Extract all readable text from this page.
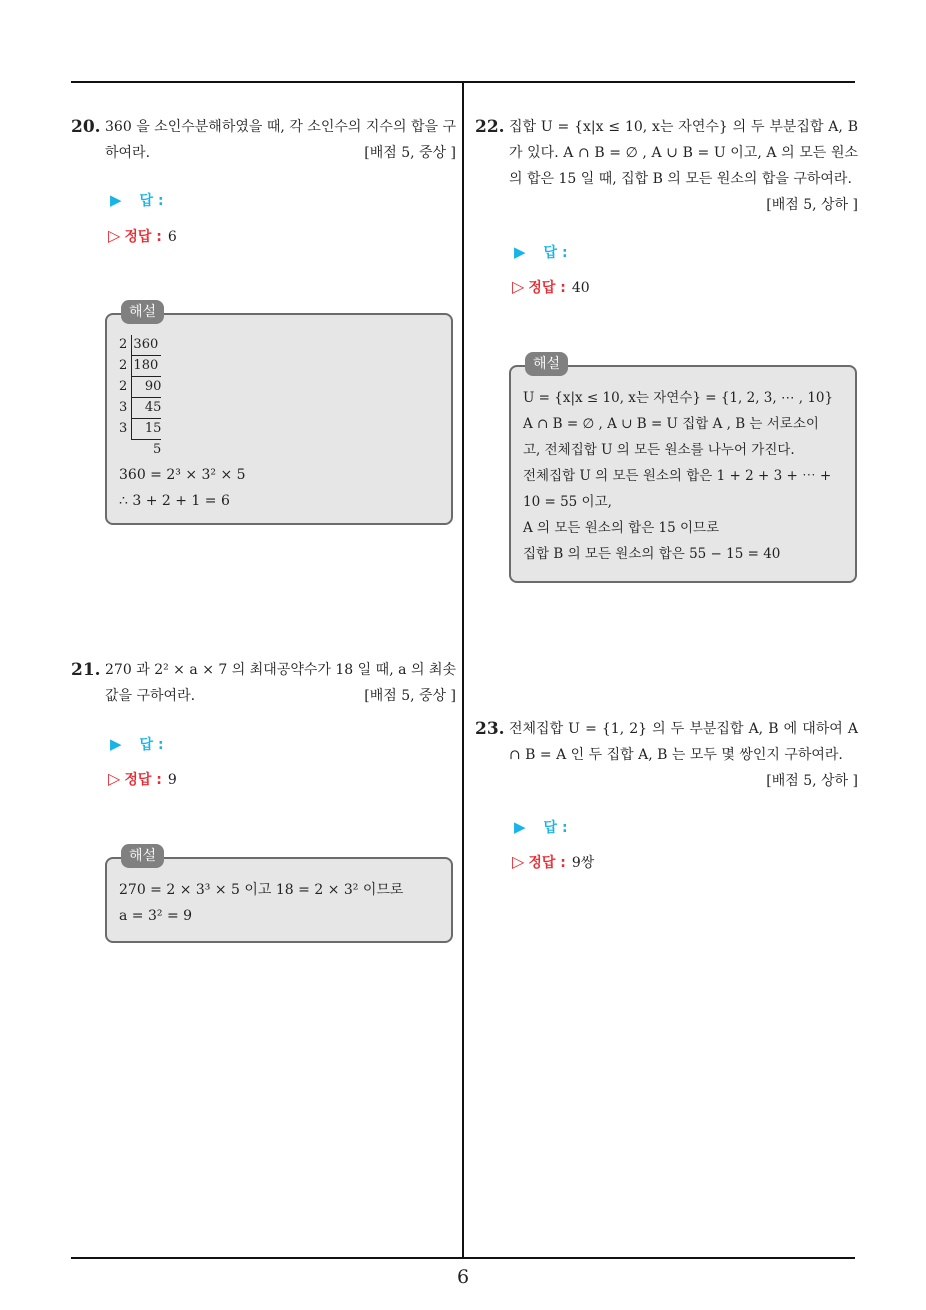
20. 360 을 소인수분해하였을 때, 각 소인수의 지수의 합을 구하여라.	[배점 5, 중상 ]
▶ 답 :
▷ 정답 : 6
해설
2 360
2 180
2 90
3 45
3 15
5
360 = 2³ × 3² × 5
∴ 3 + 2 + 1 = 6
21. 270 과 2² × a × 7 의 최대공약수가 18 일 때, a 의 최솟값을 구하여라.	[배점 5, 중상 ]
▶ 답 :
▷ 정답 : 9
해설
270 = 2 × 3³ × 5 이고 18 = 2 × 3² 이므로
a = 3² = 9
22. 집합 U = {x|x ≤ 10, x는 자연수} 의 두 부분집합 A, B 가 있다. A ∩ B = ∅ , A ∪ B = U 이고, A 의 모든 원소의 합은 15 일 때, 집합 B 의 모든 원소의 합을 구하여라.
[배점 5, 상하 ]
▶ 답 :
▷ 정답 : 40
해설
U = {x|x ≤ 10, x는 자연수} = {1, 2, 3, ⋯ , 10}
A ∩ B = ∅ , A ∪ B = U 집합 A , B 는 서로소이
고, 전체집합 U 의 모든 원소를 나누어 가진다.
전체집합 U 의 모든 원소의 합은 1 + 2 + 3 + ⋯ +
10 = 55 이고,
A 의 모든 원소의 합은 15 이므로
집합 B 의 모든 원소의 합은 55 − 15 = 40
23. 전체집합 U = {1, 2} 의 두 부분집합 A, B 에 대하여 A ∩ B = A 인 두 집합 A, B 는 모두 몇 쌍인지 구하여라.
[배점 5, 상하 ]
▶ 답 :
▷ 정답 : 9쌍
6
